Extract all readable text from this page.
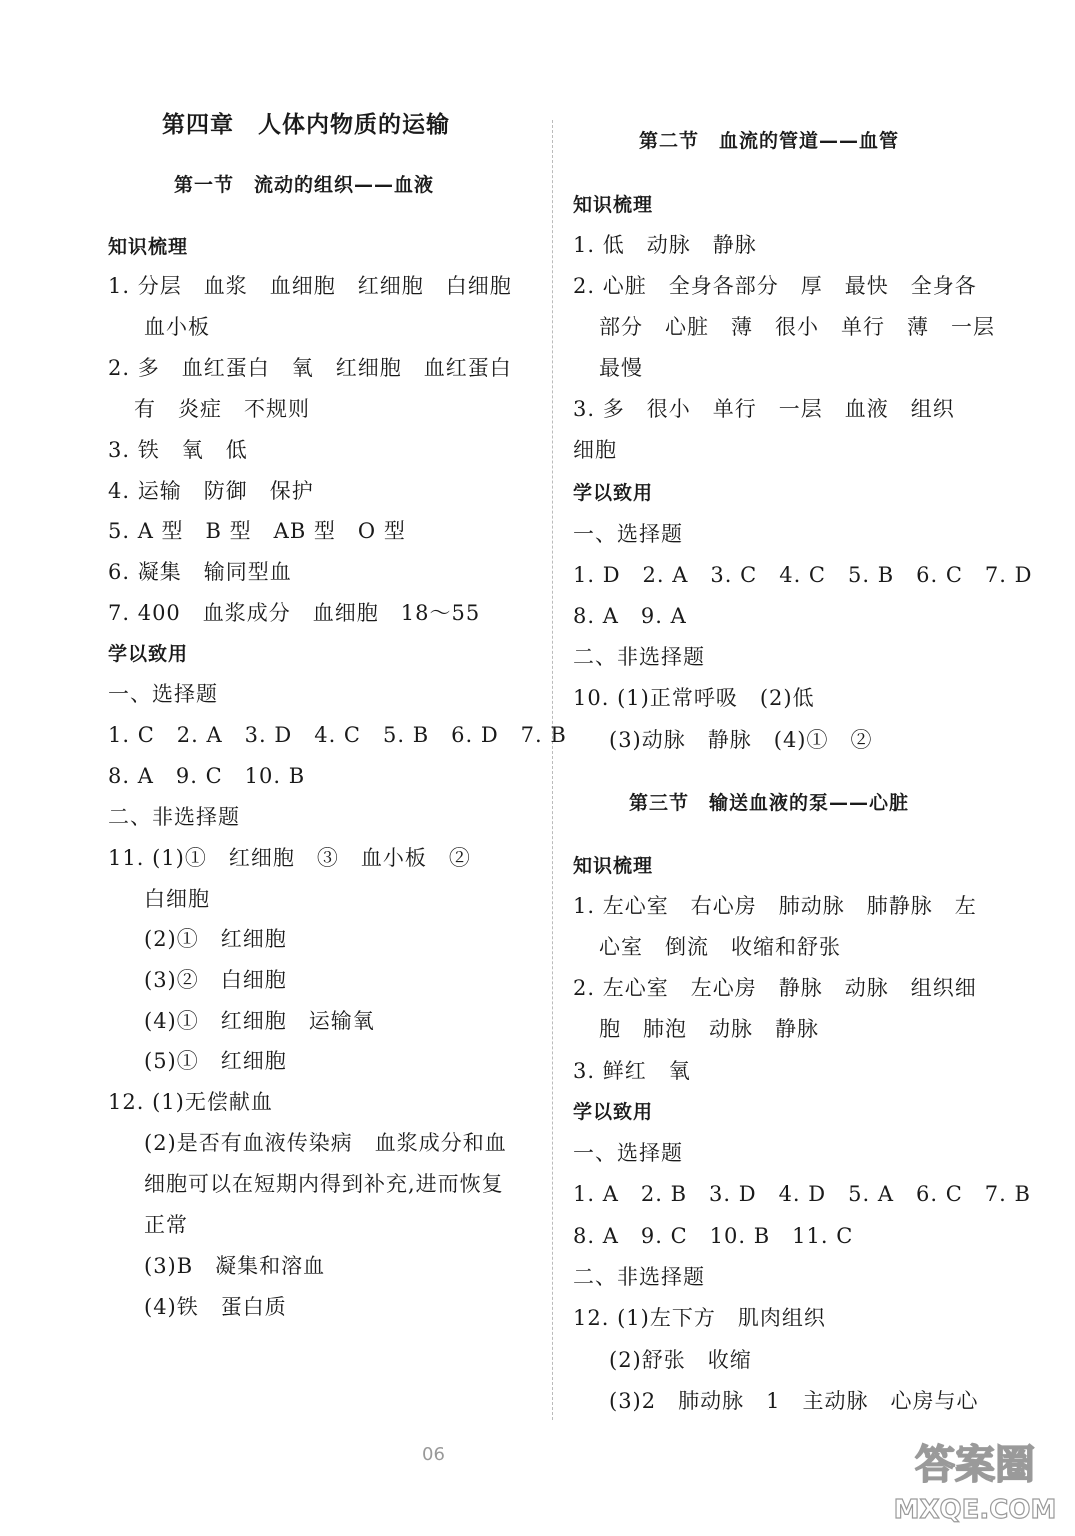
第四章　人体内物质的运输
第一节　流动的组织——血液
知识梳理
1. 分层　血浆　血细胞　红细胞　白细胞
血小板
2. 多　血红蛋白　氧　红细胞　血红蛋白
有　炎症　不规则
3. 铁　氧　低
4. 运输　防御　保护
5. A 型　B 型　AB 型　O 型
6. 凝集　输同型血
7. 400　血浆成分　血细胞　18～55
学以致用
一、选择题
1. C　2. A　3. D　4. C　5. B　6. D　7. B
8. A　9. C　10. B
二、非选择题
11. (1)①　红细胞　③　血小板　②
白细胞
(2)①　红细胞
(3)②　白细胞
(4)①　红细胞　运输氧
(5)①　红细胞
12. (1)无偿献血
(2)是否有血液传染病　血浆成分和血
细胞可以在短期内得到补充,进而恢复
正常
(3)B　凝集和溶血
(4)铁　蛋白质
第二节　血流的管道——血管
知识梳理
1. 低　动脉　静脉
2. 心脏　全身各部分　厚　最快　全身各
部分　心脏　薄　很小　单行　薄　一层
最慢
3. 多　很小　单行　一层　血液　组织
细胞
学以致用
一、选择题
1. D　2. A　3. C　4. C　5. B　6. C　7. D
8. A　9. A
二、非选择题
10. (1)正常呼吸　(2)低
(3)动脉　静脉　(4)①　②
第三节　输送血液的泵——心脏
知识梳理
1. 左心室　右心房　肺动脉　肺静脉　左
心室　倒流　收缩和舒张
2. 左心室　左心房　静脉　动脉　组织细
胞　肺泡　动脉　静脉
3. 鲜红　氧
学以致用
一、选择题
1. A　2. B　3. D　4. D　5. A　6. C　7. B
8. A　9. C　10. B　11. C
二、非选择题
12. (1)左下方　肌肉组织
(2)舒张　收缩
(3)2　肺动脉　1　主动脉　心房与心
06	答案圈
MXQE.COM
